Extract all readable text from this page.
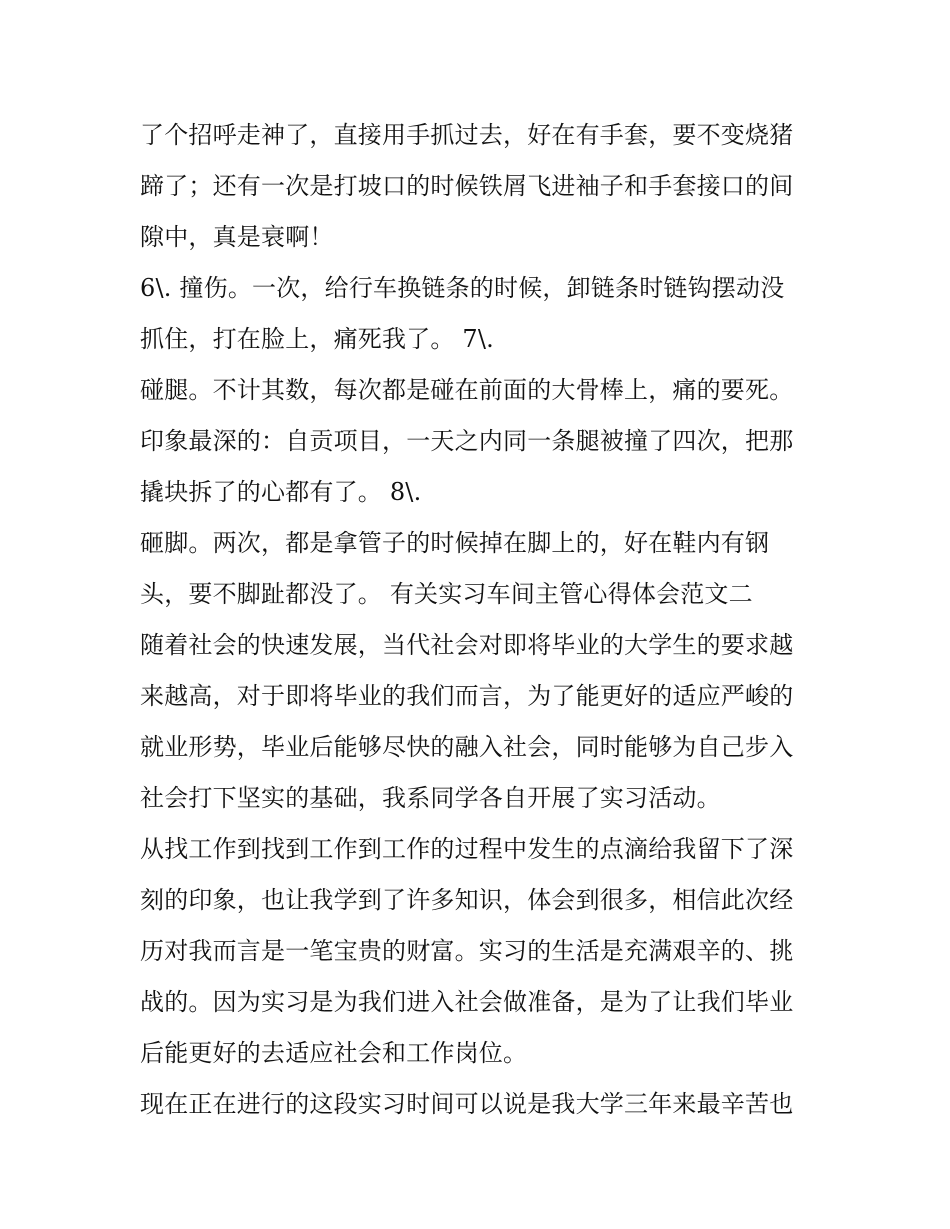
了个招呼走神了，直接用手抓过去，好在有手套，要不变烧猪
蹄了；还有一次是打坡口的时候铁屑飞进袖子和手套接口的间
隙中，真是衰啊！
6\. 撞伤。一次，给行车换链条的时候，卸链条时链钩摆动没
抓住，打在脸上，痛死我了。 7\.
碰腿。不计其数，每次都是碰在前面的大骨棒上，痛的要死。
印象最深的：自贡项目，一天之内同一条腿被撞了四次，把那
撬块拆了的心都有了。 8\.
砸脚。两次，都是拿管子的时候掉在脚上的，好在鞋内有钢
头，要不脚趾都没了。 有关实习车间主管心得体会范文二
随着社会的快速发展，当代社会对即将毕业的大学生的要求越
来越高，对于即将毕业的我们而言，为了能更好的适应严峻的
就业形势，毕业后能够尽快的融入社会，同时能够为自己步入
社会打下坚实的基础，我系同学各自开展了实习活动。
从找工作到找到工作到工作的过程中发生的点滴给我留下了深
刻的印象，也让我学到了许多知识，体会到很多，相信此次经
历对我而言是一笔宝贵的财富。实习的生活是充满艰辛的、挑
战的。因为实习是为我们进入社会做准备，是为了让我们毕业
后能更好的去适应社会和工作岗位。
现在正在进行的这段实习时间可以说是我大学三年来最辛苦也
